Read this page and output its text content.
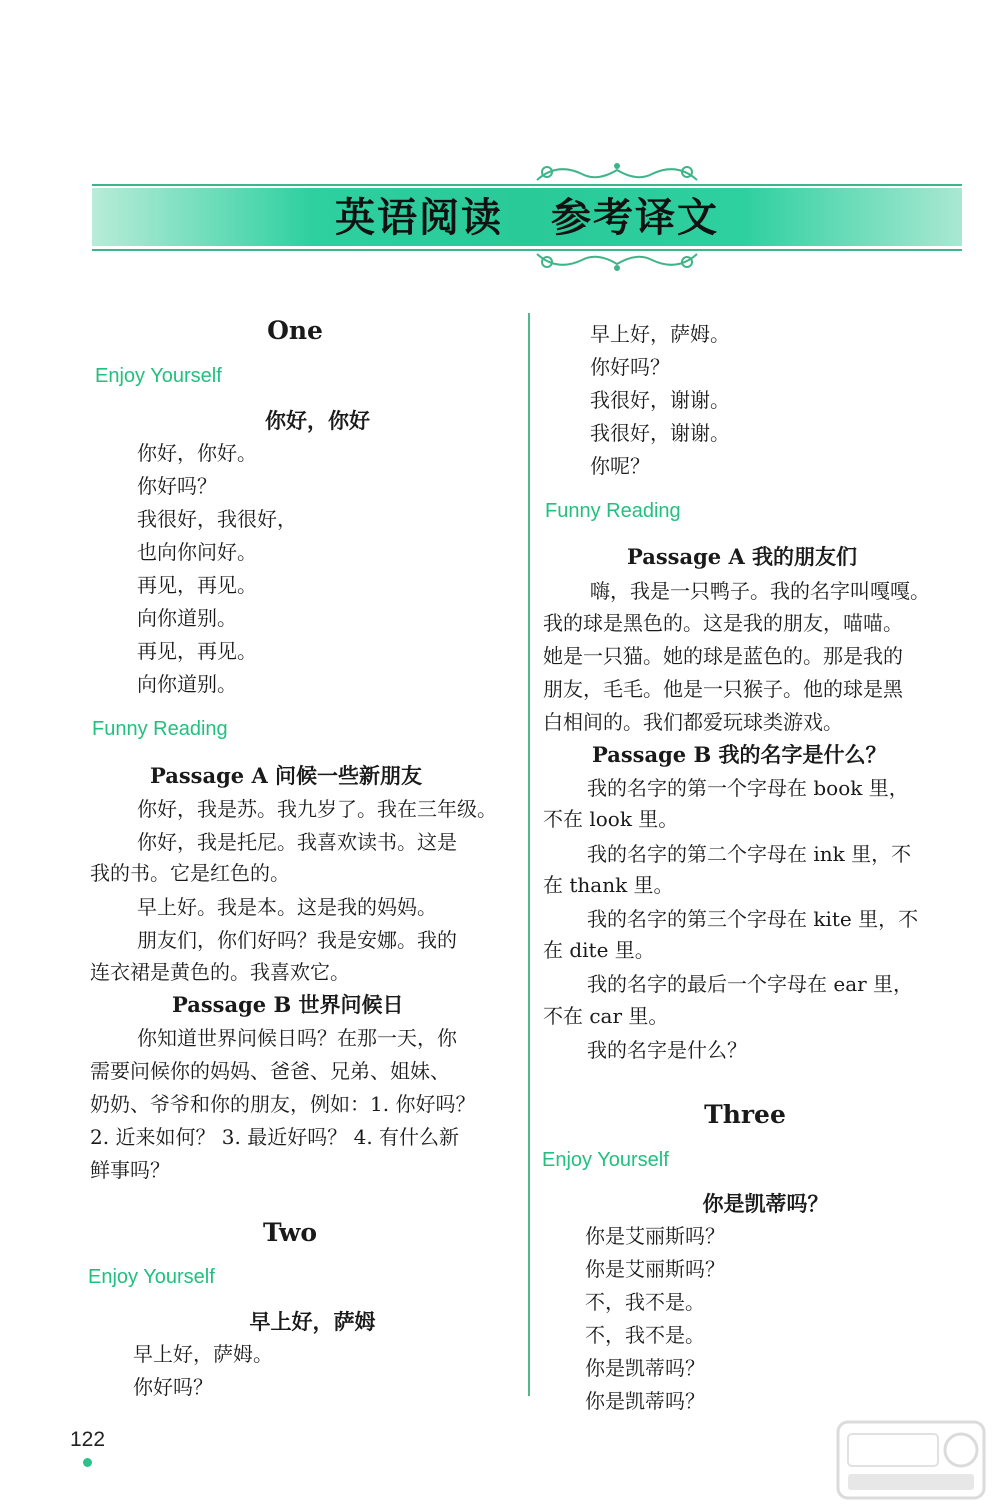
英语阅读 参考译文
One
Enjoy Yourself
你好，你好
你好，你好。
你好吗？
我很好，我很好，
也向你问好。
再见，再见。
向你道别。
再见，再见。
向你道别。
Funny Reading
Passage A 问候一些新朋友
你好，我是苏。我九岁了。我在三年级。
你好，我是托尼。我喜欢读书。这是
我的书。它是红色的。
早上好。我是本。这是我的妈妈。
朋友们，你们好吗？我是安娜。我的
连衣裙是黄色的。我喜欢它。
Passage B 世界问候日
你知道世界问候日吗？在那一天，你
需要问候你的妈妈、爸爸、兄弟、姐妹、
奶奶、爷爷和你的朋友，例如：1. 你好吗？
2. 近来如何？ 3. 最近好吗？ 4. 有什么新
鲜事吗？
Two
Enjoy Yourself
早上好，萨姆
早上好，萨姆。
你好吗？
早上好，萨姆。
你好吗？
我很好，谢谢。
我很好，谢谢。
你呢？
Funny Reading
Passage A 我的朋友们
嗨，我是一只鸭子。我的名字叫嘎嘎。
我的球是黑色的。这是我的朋友，喵喵。
她是一只猫。她的球是蓝色的。那是我的
朋友，毛毛。他是一只猴子。他的球是黑
白相间的。我们都爱玩球类游戏。
Passage B 我的名字是什么？
我的名字的第一个字母在 book 里，
不在 look 里。
我的名字的第二个字母在 ink 里，不
在 thank 里。
我的名字的第三个字母在 kite 里，不
在 dite 里。
我的名字的最后一个字母在 ear 里，
不在 car 里。
我的名字是什么？
Three
Enjoy Yourself
你是凯蒂吗？
你是艾丽斯吗？
你是艾丽斯吗？
不，我不是。
不，我不是。
你是凯蒂吗？
你是凯蒂吗？
122
